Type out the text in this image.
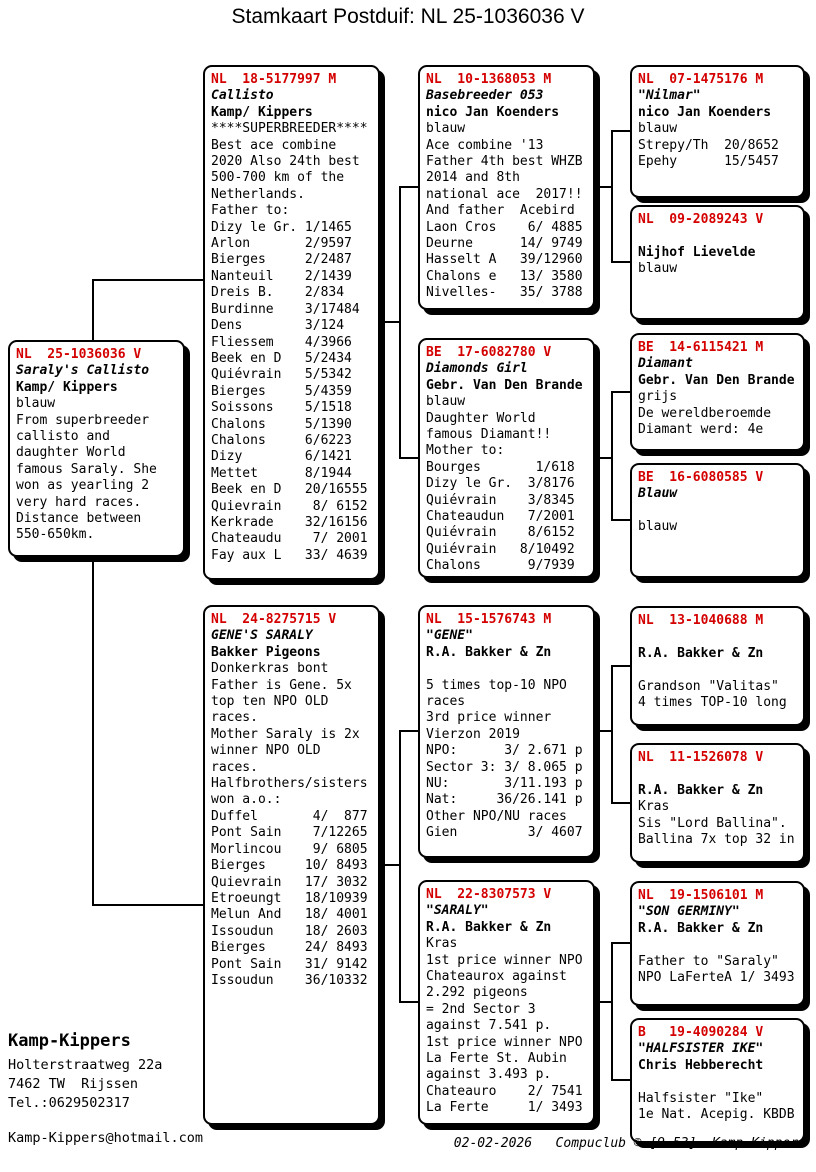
Stamkaart Postduif: NL 25-1036036 V
NL  25-1036036 V
Saraly's Callisto
Kamp/ Kippers
blauw
From superbreeder
callisto and
daughter World
famous Saraly. She
won as yearling 2
very hard races.
Distance between
550-650km.
NL  18-5177997 M
Callisto
Kamp/ Kippers
****SUPERBREEDER****
Best ace combine
2020 Also 24th best
500-700 km of the
Netherlands.
Father to:
Dizy le Gr. 1/1465
Arlon       2/9597
Bierges     2/2487
Nanteuil    2/1439
Dreis B.    2/834
Burdinne    3/17484
Dens        3/124
Fliessem    4/3966
Beek en D   5/2434
Quiévrain   5/5342
Bierges     5/4359
Soissons    5/1518
Chalons     5/1390
Chalons     6/6223
Dizy        6/1421
Mettet      8/1944
Beek en D   20/16555
Quievrain    8/ 6152
Kerkrade    32/16156
Chateaudu    7/ 2001
Fay aux L   33/ 4639
NL  24-8275715 V
GENE'S SARALY
Bakker Pigeons
Donkerkras bont
Father is Gene. 5x
top ten NPO OLD
races.
Mother Saraly is 2x
winner NPO OLD
races.
Halfbrothers/sisters
won a.o.:
Duffel       4/  877
Pont Sain    7/12265
Morlincou    9/ 6805
Bierges     10/ 8493
Quievrain   17/ 3032
Etroeungt   18/10939
Melun And   18/ 4001
Issoudun    18/ 2603
Bierges     24/ 8493
Pont Sain   31/ 9142
Issoudun    36/10332
NL  10-1368053 M
Basebreeder 053
nico Jan Koenders
blauw
Ace combine '13
Father 4th best WHZB
2014 and 8th
national ace  2017!!
And father  Acebird
Laon Cros    6/ 4885
Deurne      14/ 9749
Hasselt A   39/12960
Chalons e   13/ 3580
Nivelles-   35/ 3788
BE  17-6082780 V
Diamonds Girl
Gebr. Van Den Brande
blauw
Daughter World
famous Diamant!!
Mother to:
Bourges       1/618
Dizy le Gr.  3/8176
Quiévrain    3/8345
Chateaudun   7/2001
Quiévrain    8/6152
Quiévrain   8/10492
Chalons      9/7939
NL  15-1576743 M
"GENE"
R.A. Bakker & Zn

5 times top-10 NPO
races
3rd price winner
Vierzon 2019
NPO:      3/ 2.671 p
Sector 3: 3/ 8.065 p
NU:       3/11.193 p
Nat:     36/26.141 p
Other NPO/NU races
Gien         3/ 4607
NL  22-8307573 V
"SARALY"
R.A. Bakker & Zn
Kras
1st price winner NPO
Chateaurox against
2.292 pigeons
= 2nd Sector 3
against 7.541 p.
1st price winner NPO
La Ferte St. Aubin
against 3.493 p.
Chateauro    2/ 7541
La Ferte     1/ 3493
NL  07-1475176 M
"Nilmar"
nico Jan Koenders
blauw
Strepy/Th  20/8652
Epehy      15/5457
NL  09-2089243 V

Nijhof Lievelde
blauw
BE  14-6115421 M
Diamant
Gebr. Van Den Brande
grijs
De wereldberoemde
Diamant werd: 4e
BE  16-6080585 V
Blauw

blauw
NL  13-1040688 M

R.A. Bakker & Zn

Grandson "Valitas"
4 times TOP-10 long
NL  11-1526078 V

R.A. Bakker & Zn
Kras
Sis "Lord Ballina".
Ballina 7x top 32 in
NL  19-1506101 M
"SON GERMINY"
R.A. Bakker & Zn

Father to "Saraly"
NPO LaFerteA 1/ 3493
B   19-4090284 V
"HALFSISTER IKE"
Chris Hebberecht

Halfsister "Ike"
1e Nat. Acepig. KBDB
Kamp-Kippers
Holterstraatweg 22a
7462 TW  Rijssen
Tel.:0629502317
Kamp-Kippers@hotmail.com	02-02-2026   Compuclub © [9.53]  Kamp-Kippers
